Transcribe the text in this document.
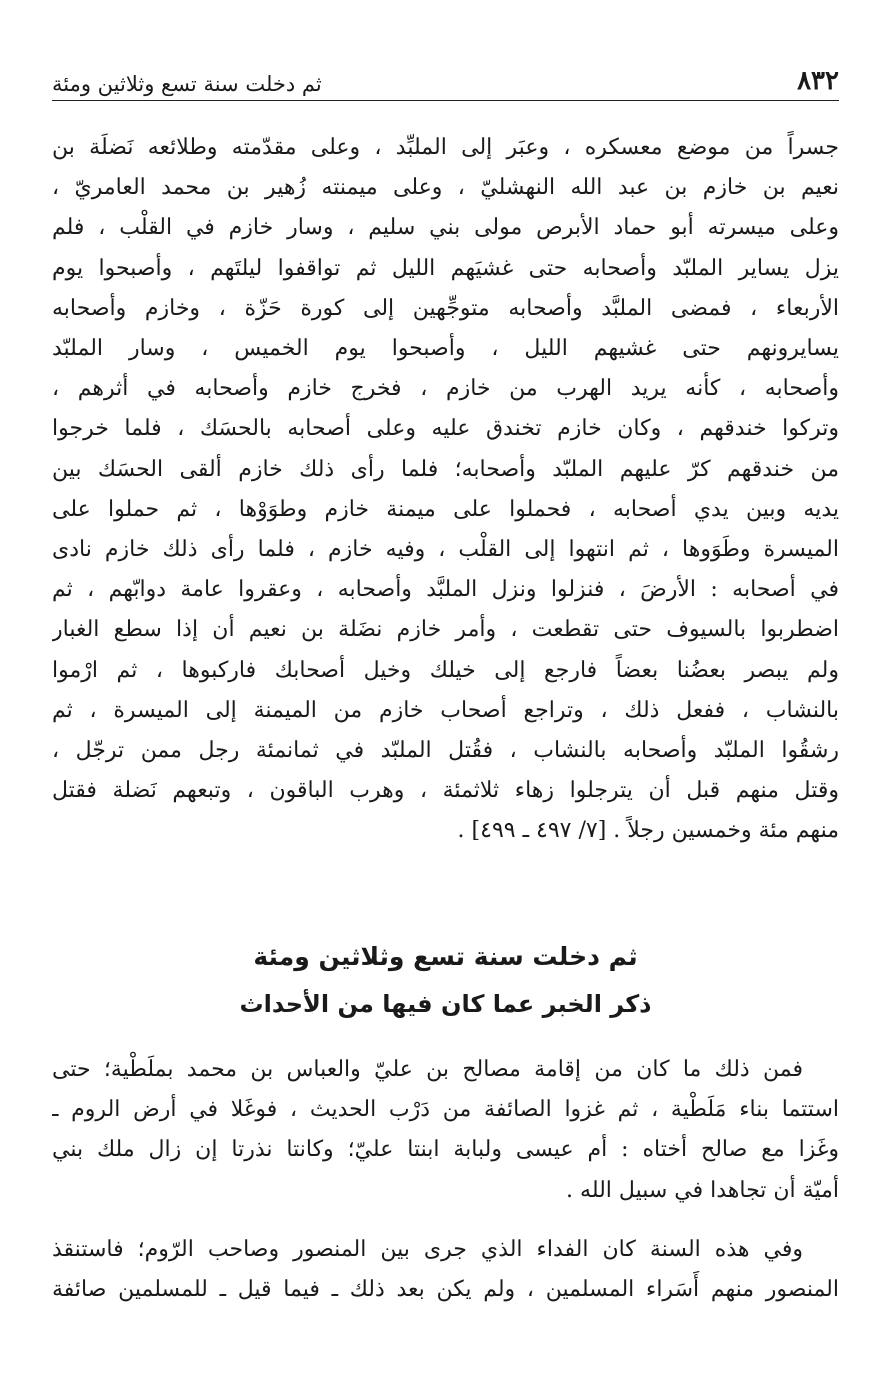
٨٣٢
ثم دخلت سنة تسع وثلاثين ومئة
جسراً من موضع معسكره ، وعبَر إلى الملبِّد ، وعلى مقدّمته وطلائعه نَضلَة بن
نعيم بن خازم بن عبد الله النهشليّ ، وعلى ميمنته زُهير بن محمد العامريّ ،
وعلى ميسرته أبو حماد الأبرص مولى بني سليم ، وسار خازم في القلْب ، فلم
يزل يساير الملبّد وأصحابه حتى غشيَهم الليل ثم تواقفوا ليلتَهم ، وأصبحوا يوم
الأربعاء ، فمضى الملبَّد وأصحابه متوجِّهين إلى كورة حَزّة ، وخازم وأصحابه
يسايرونهم حتى غشيهم الليل ، وأصبحوا يوم الخميس ، وسار الملبّد
وأصحابه ، كأنه يريد الهرب من خازم ، فخرج خازم وأصحابه في أثرهم ،
وتركوا خندقهم ، وكان خازم تخندق عليه وعلى أصحابه بالحسَك ، فلما خرجوا
من خندقهم كرّ عليهم الملبّد وأصحابه؛ فلما رأى ذلك خازم ألقى الحسَك بين
يديه وبين يدي أصحابه ، فحملوا على ميمنة خازم وطوَوْها ، ثم حملوا على
الميسرة وطَوَوها ، ثم انتهوا إلى القلْب ، وفيه خازم ، فلما رأى ذلك خازم نادى
في أصحابه : الأرضَ ، فنزلوا ونزل الملبَّد وأصحابه ، وعقروا عامة دوابّهم ، ثم
اضطربوا بالسيوف حتى تقطعت ، وأمر خازم نضَلة بن نعيم أن إذا سطع الغبار
ولم يبصر بعضُنا بعضاً فارجع إلى خيلك وخيل أصحابك فاركبوها ، ثم ارْموا
بالنشاب ، ففعل ذلك ، وتراجع أصحاب خازم من الميمنة إلى الميسرة ، ثم
رشقُوا الملبّد وأصحابه بالنشاب ، فقُتل الملبّد في ثمانمئة رجل ممن ترجّل ،
وقتل منهم قبل أن يترجلوا زهاء ثلاثمئة ، وهرب الباقون ، وتبعهم نَضلة فقتل
منهم مئة وخمسين رجلاً . [٧/ ٤٩٧ ـ ٤٩٩] .
ثم دخلت سنة تسع وثلاثين ومئة
ذكر الخبر عما كان فيها من الأحداث
فمن ذلك ما كان من إقامة مصالح بن عليّ والعباس بن محمد بملَطْية؛ حتى
استتما بناء مَلَطْية ، ثم غزوا الصائفة من دَرْب الحديث ، فوغَلا في أرض الروم ـ
وغَزا مع صالح أختاه : أم عيسى ولبابة ابنتا عليّ؛ وكانتا نذرتا إن زال ملك بني
أميّة أن تجاهدا في سبيل الله .
وفي هذه السنة كان الفداء الذي جرى بين المنصور وصاحب الرّوم؛ فاستنقذ
المنصور منهم أَسَراء المسلمين ، ولم يكن بعد ذلك ـ فيما قيل ـ للمسلمين صائفة
